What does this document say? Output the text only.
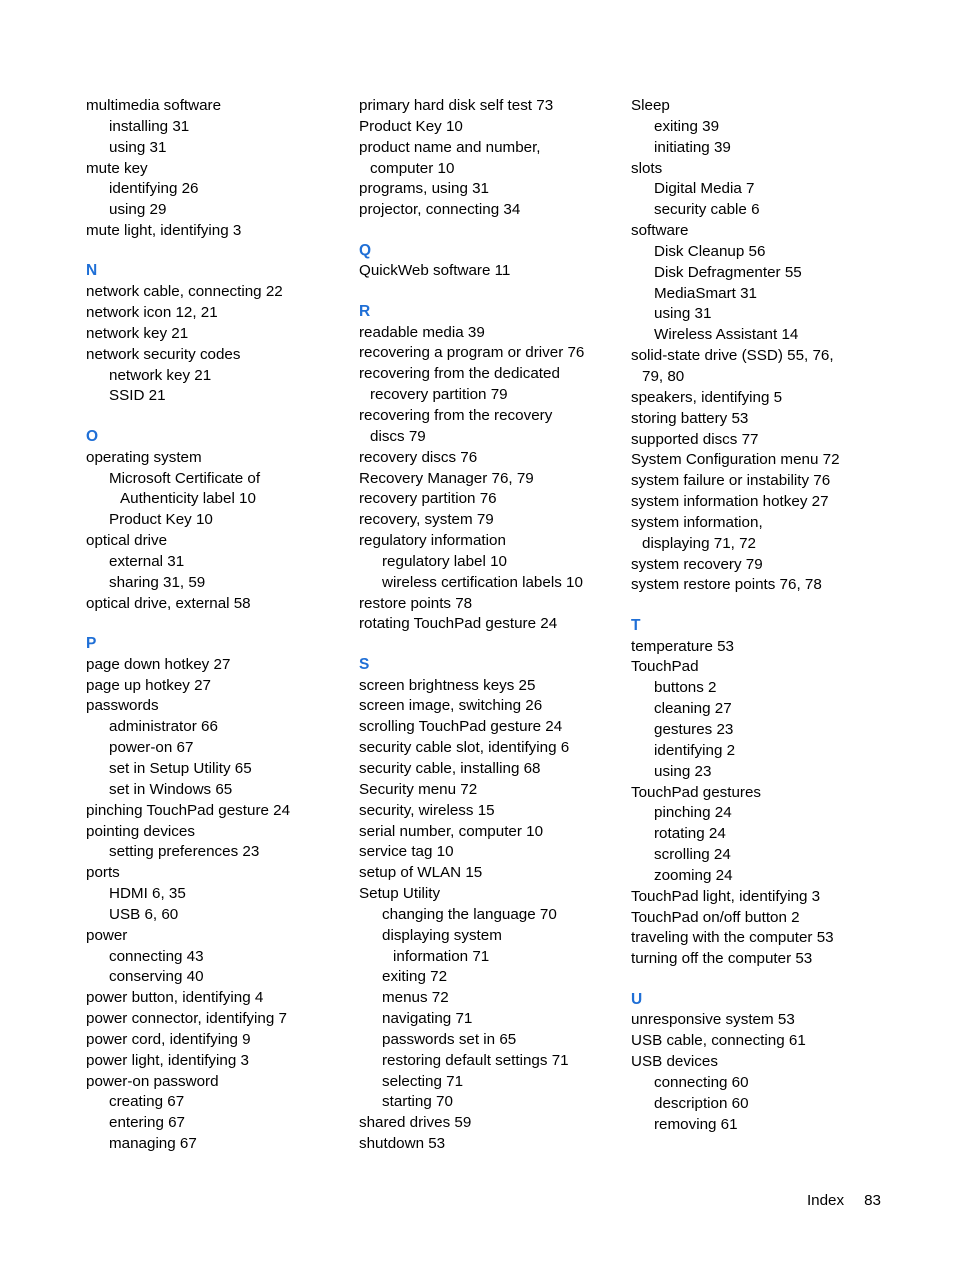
multimedia software
installing 31
using 31
mute key
identifying 26
using 29
mute light, identifying 3
N
network cable, connecting 22
network icon 12, 21
network key 21
network security codes
network key 21
SSID 21
O
operating system
Microsoft Certificate of
Authenticity label 10
Product Key 10
optical drive
external 31
sharing 31, 59
optical drive, external 58
P
page down hotkey 27
page up hotkey 27
passwords
administrator 66
power-on 67
set in Setup Utility 65
set in Windows 65
pinching TouchPad gesture 24
pointing devices
setting preferences 23
ports
HDMI 6, 35
USB 6, 60
power
connecting 43
conserving 40
power button, identifying 4
power connector, identifying 7
power cord, identifying 9
power light, identifying 3
power-on password
creating 67
entering 67
managing 67
primary hard disk self test 73
Product Key 10
product name and number,
computer 10
programs, using 31
projector, connecting 34
Q
QuickWeb software 11
R
readable media 39
recovering a program or driver 76
recovering from the dedicated
recovery partition 79
recovering from the recovery
discs 79
recovery discs 76
Recovery Manager 76, 79
recovery partition 76
recovery, system 79
regulatory information
regulatory label 10
wireless certification labels 10
restore points 78
rotating TouchPad gesture 24
S
screen brightness keys 25
screen image, switching 26
scrolling TouchPad gesture 24
security cable slot, identifying 6
security cable, installing 68
Security menu 72
security, wireless 15
serial number, computer 10
service tag 10
setup of WLAN 15
Setup Utility
changing the language 70
displaying system
information 71
exiting 72
menus 72
navigating 71
passwords set in 65
restoring default settings 71
selecting 71
starting 70
shared drives 59
shutdown 53
Sleep
exiting 39
initiating 39
slots
Digital Media 7
security cable 6
software
Disk Cleanup 56
Disk Defragmenter 55
MediaSmart 31
using 31
Wireless Assistant 14
solid-state drive (SSD) 55, 76,
79, 80
speakers, identifying 5
storing battery 53
supported discs 77
System Configuration menu 72
system failure or instability 76
system information hotkey 27
system information,
displaying 71, 72
system recovery 79
system restore points 76, 78
T
temperature 53
TouchPad
buttons 2
cleaning 27
gestures 23
identifying 2
using 23
TouchPad gestures
pinching 24
rotating 24
scrolling 24
zooming 24
TouchPad light, identifying 3
TouchPad on/off button 2
traveling with the computer 53
turning off the computer 53
U
unresponsive system 53
USB cable, connecting 61
USB devices
connecting 60
description 60
removing 61
Index 83
